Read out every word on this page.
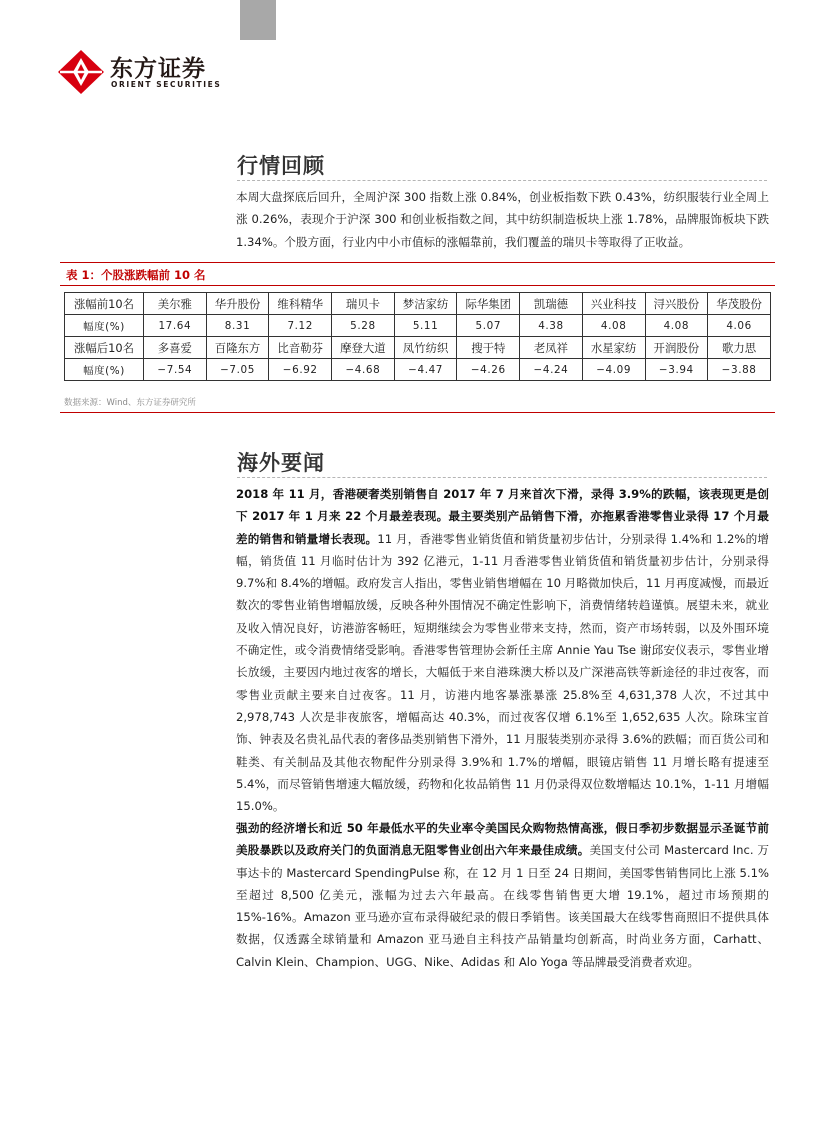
东方证券
ORIENT SECURITIES
行情回顾

本周大盘探底后回升，全周沪深 300 指数上涨 0.84%，创业板指数下跌 0.43%，纺织服装行业全周上涨 0.26%，表现介于沪深 300 和创业板指数之间，其中纺织制造板块上涨 1.78%，品牌服饰板块下跌 1.34%。个股方面，行业内中小市值标的涨幅靠前，我们覆盖的瑞贝卡等取得了正收益。

表 1：个股涨跌幅前 10 名
涨幅前10名	美尔雅	华升股份	维科精华	瑞贝卡	梦洁家纺	际华集团	凯瑞德	兴业科技	浔兴股份	华茂股份
幅度(%)	17.64	8.31	7.12	5.28	5.11	5.07	4.38	4.08	4.08	4.06
涨幅后10名	多喜爱	百隆东方	比音勒芬	摩登大道	凤竹纺织	搜于特	老凤祥	水星家纺	开润股份	歌力思
幅度(%)	−7.54	−7.05	−6.92	−4.68	−4.47	−4.26	−4.24	−4.09	−3.94	−3.88
数据来源：Wind、东方证券研究所
海外要闻

2018 年 11 月，香港硬奢类别销售自 2017 年 7 月来首次下滑，录得 3.9%的跌幅，该表现更是创下 2017 年 1 月来 22 个月最差表现。最主要类别产品销售下滑，亦拖累香港零售业录得 17 个月最差的销售和销量增长表现。11 月，香港零售业销货值和销货量初步估计，分别录得 1.4%和 1.2%的增幅，销货值 11 月临时估计为 392 亿港元，1-11 月香港零售业销货值和销货量初步估计，分别录得 9.7%和 8.4%的增幅。政府发言人指出，零售业销售增幅在 10 月略微加快后，11 月再度减慢，而最近数次的零售业销售增幅放缓，反映各种外围情况不确定性影响下，消费情绪转趋谨慎。展望未来，就业及收入情况良好，访港游客畅旺，短期继续会为零售业带来支持，然而，资产市场转弱，以及外围环境不确定性，或令消费情绪受影响。香港零售管理协会新任主席 Annie Yau Tse 谢邱安仪表示，零售业增长放缓，主要因内地过夜客的增长，大幅低于来自港珠澳大桥以及广深港高铁等新途径的非过夜客，而零售业贡献主要来自过夜客。11 月，访港内地客暴涨暴涨 25.8%至 4,631,378 人次，不过其中 2,978,743 人次是非夜旅客，增幅高达 40.3%，而过夜客仅增 6.1%至 1,652,635 人次。除珠宝首饰、钟表及名贵礼品代表的奢侈品类别销售下滑外，11 月服装类别亦录得 3.6%的跌幅；而百货公司和鞋类、有关制品及其他衣物配件分别录得 3.9%和 1.7%的增幅，眼镜店销售 11 月增长略有提速至 5.4%，而尽管销售增速大幅放缓，药物和化妆品销售 11 月仍录得双位数增幅达 10.1%，1-11 月增幅 15.0%。

强劲的经济增长和近 50 年最低水平的失业率令美国民众购物热情高涨，假日季初步数据显示圣诞节前美股暴跌以及政府关门的负面消息无阻零售业创出六年来最佳成绩。美国支付公司 Mastercard Inc. 万事达卡的 Mastercard SpendingPulse 称，在 12 月 1 日至 24 日期间，美国零售销售同比上涨 5.1%至超过 8,500 亿美元，涨幅为过去六年最高。在线零售销售更大增 19.1%，超过市场预期的 15%-16%。Amazon 亚马逊亦宣布录得破纪录的假日季销售。该美国最大在线零售商照旧不提供具体数据，仅透露全球销量和 Amazon 亚马逊自主科技产品销量均创新高，时尚业务方面，Carhatt、Calvin Klein、Champion、UGG、Nike、Adidas 和 Alo Yoga 等品牌最受消费者欢迎。
